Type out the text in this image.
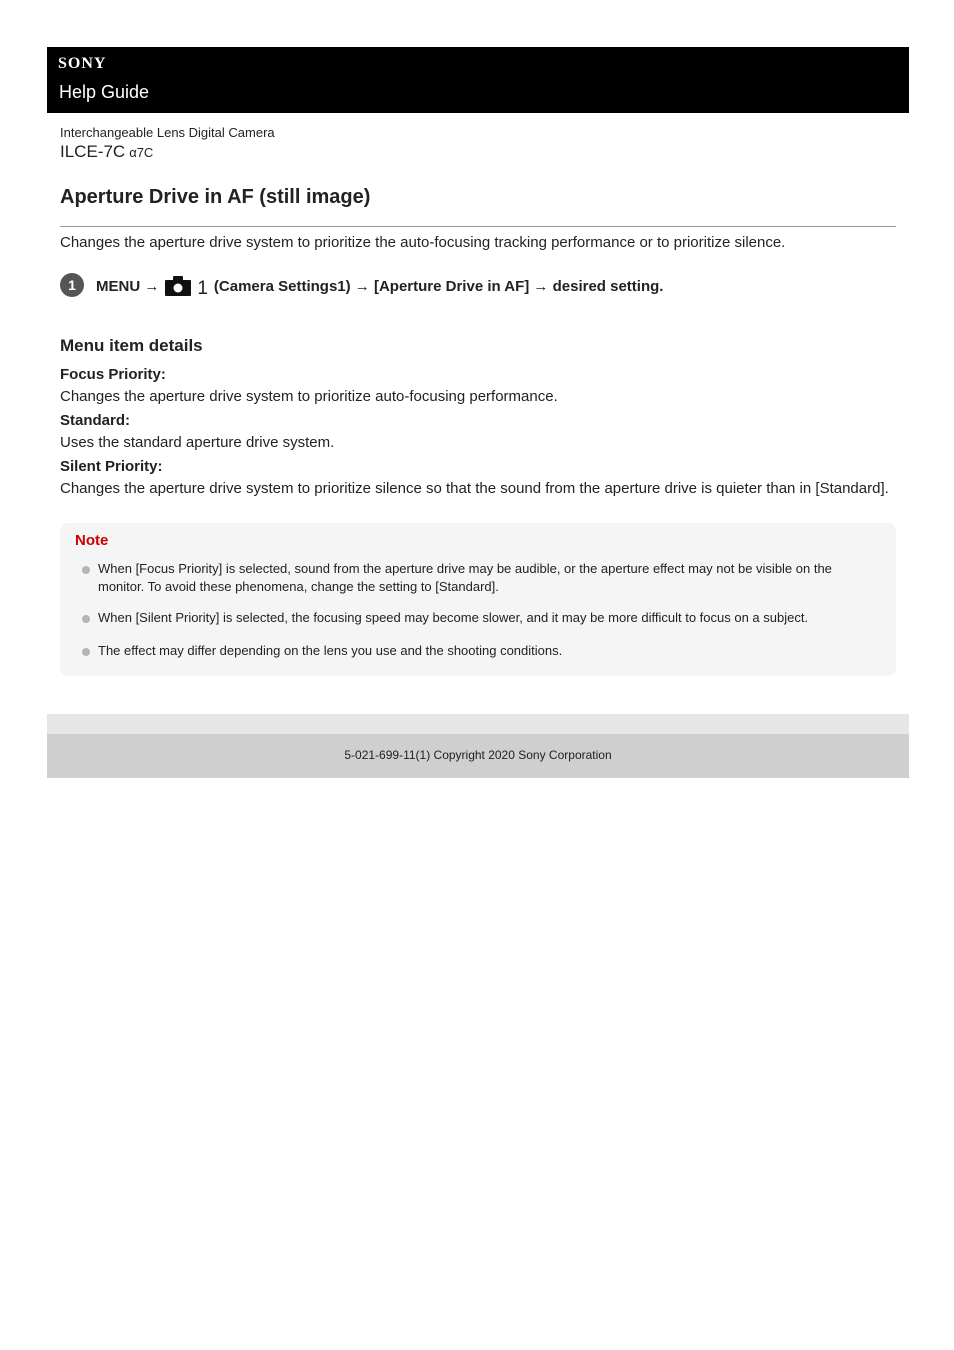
SONY
Help Guide
Interchangeable Lens Digital Camera
ILCE-7C α7C
Aperture Drive in AF (still image)
Changes the aperture drive system to prioritize the auto-focusing tracking performance or to prioritize silence.
1	MENU → 1 (Camera Settings1) → [Aperture Drive in AF] → desired setting.
Menu item details
Focus Priority:
Changes the aperture drive system to prioritize auto-focusing performance.
Standard:
Uses the standard aperture drive system.
Silent Priority:
Changes the aperture drive system to prioritize silence so that the sound from the aperture drive is quieter than in [Standard].
Note
When [Focus Priority] is selected, sound from the aperture drive may be audible, or the aperture effect may not be visible on the monitor. To avoid these phenomena, change the setting to [Standard].
When [Silent Priority] is selected, the focusing speed may become slower, and it may be more difficult to focus on a subject.
The effect may differ depending on the lens you use and the shooting conditions.
5-021-699-11(1) Copyright 2020 Sony Corporation
